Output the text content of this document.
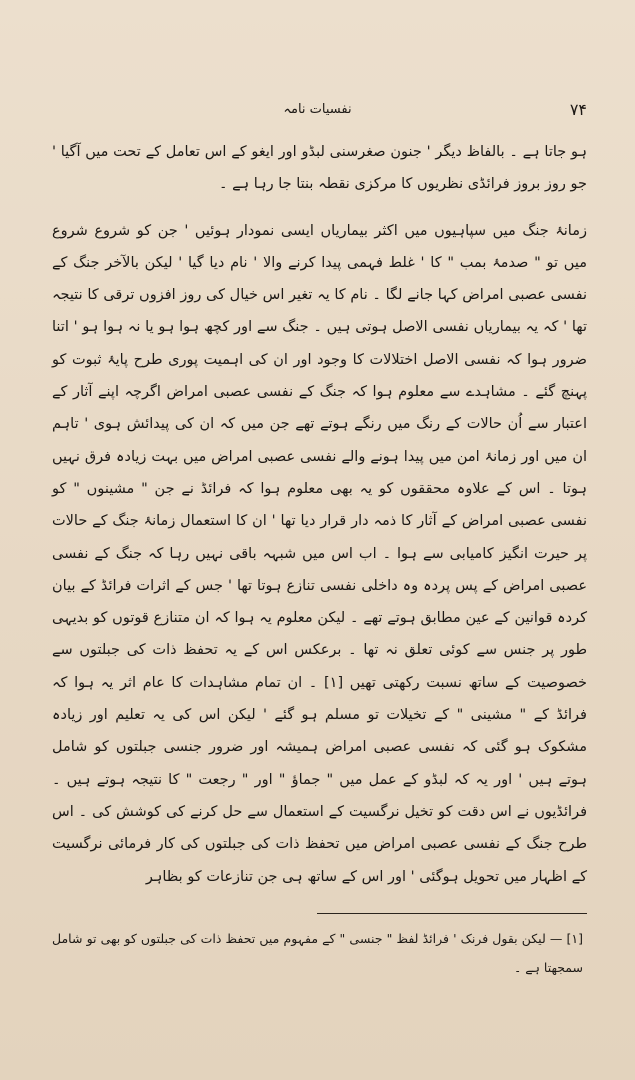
نفسیات نامہ	۷۴

ہو جاتا ہے ۔ بالفاظ دیگر ' جنون صغرسنی لبڈو اور ایغو کے اس تعامل کے تحت میں آگیا ' جو روز بروز فرائڈی نظریوں کا مرکزی نقطہ بنتا جا رہا ہے ۔

زمانۂ جنگ میں سپاہیوں میں اکثر بیماریاں ایسی نمودار ہوئیں ' جن کو شروع شروع میں تو " صدمۂ بمب " کا ' غلط فہمی پیدا کرنے والا ' نام دیا گیا ' لیکن بالآخر جنگ کے نفسی عصبی امراض کہا جانے لگا ۔ نام کا یہ تغیر اس خیال کی روز افزوں ترقی کا نتیجہ تھا ' کہ یہ بیماریاں نفسی الاصل ہوتی ہیں ۔ جنگ سے اور کچھ ہوا ہو یا نہ ہوا ہو ' اتنا ضرور ہوا کہ نفسی الاصل اختلالات کا وجود اور ان کی اہمیت پوری طرح پایۂ ثبوت کو پہنچ گئے ۔ مشاہدے سے معلوم ہوا کہ جنگ کے نفسی عصبی امراض اگرچہ اپنے آثار کے اعتبار سے اُن حالات کے رنگ میں رنگے ہوتے تھے جن میں کہ ان کی پیدائش ہوی ' تاہم ان میں اور زمانۂ امن میں پیدا ہونے والے نفسی عصبی امراض میں بہت زیادہ فرق نہیں ہوتا ۔ اس کے علاوہ محققوں کو یہ بھی معلوم ہوا کہ فرائڈ نے جن " مشینوں " کو نفسی عصبی امراض کے آثار کا ذمہ دار قرار دیا تھا ' ان کا استعمال زمانۂ جنگ کے حالات پر حیرت انگیز کامیابی سے ہوا ۔ اب اس میں شبہہ باقی نہیں رہا کہ جنگ کے نفسی عصبی امراض کے پس پردہ وہ داخلی نفسی تنازع ہوتا تھا ' جس کے اثرات فرائڈ کے بیان کردہ قوانین کے عین مطابق ہوتے تھے ۔ لیکن معلوم یہ ہوا کہ ان متنازع قوتوں کو بدیہی طور پر جنس سے کوئی تعلق نہ تھا ۔ برعکس اس کے یہ تحفظ ذات کی جبلتوں سے خصوصیت کے ساتھ نسبت رکھتی تھیں [۱] ۔ ان تمام مشاہدات کا عام اثر یہ ہوا کہ فرائڈ کے " مشینی " کے تخیلات تو مسلم ہو گئے ' لیکن اس کی یہ تعلیم اور زیادہ مشکوک ہو گئی کہ نفسی عصبی امراض ہمیشہ اور ضرور جنسی جبلتوں کو شامل ہوتے ہیں ' اور یہ کہ لبڈو کے عمل میں " جماؤ " اور " رجعت " کا نتیجہ ہوتے ہیں ۔ فرائڈیوں نے اس دقت کو تخیل نرگسیت کے استعمال سے حل کرنے کی کوشش کی ۔ اس طرح جنگ کے نفسی عصبی امراض میں تحفظ ذات کی جبلتوں کی کار فرمائی نرگسیت کے اظہار میں تحویل ہوگئی ' اور اس کے ساتھ ہی جن تنازعات کو بظاہر

[۱] — لیکن بقول فرنک ' فرائڈ لفظ " جنسی " کے مفہوم میں تحفظ ذات کی جبلتوں کو بھی تو شامل سمجھتا ہے ۔
